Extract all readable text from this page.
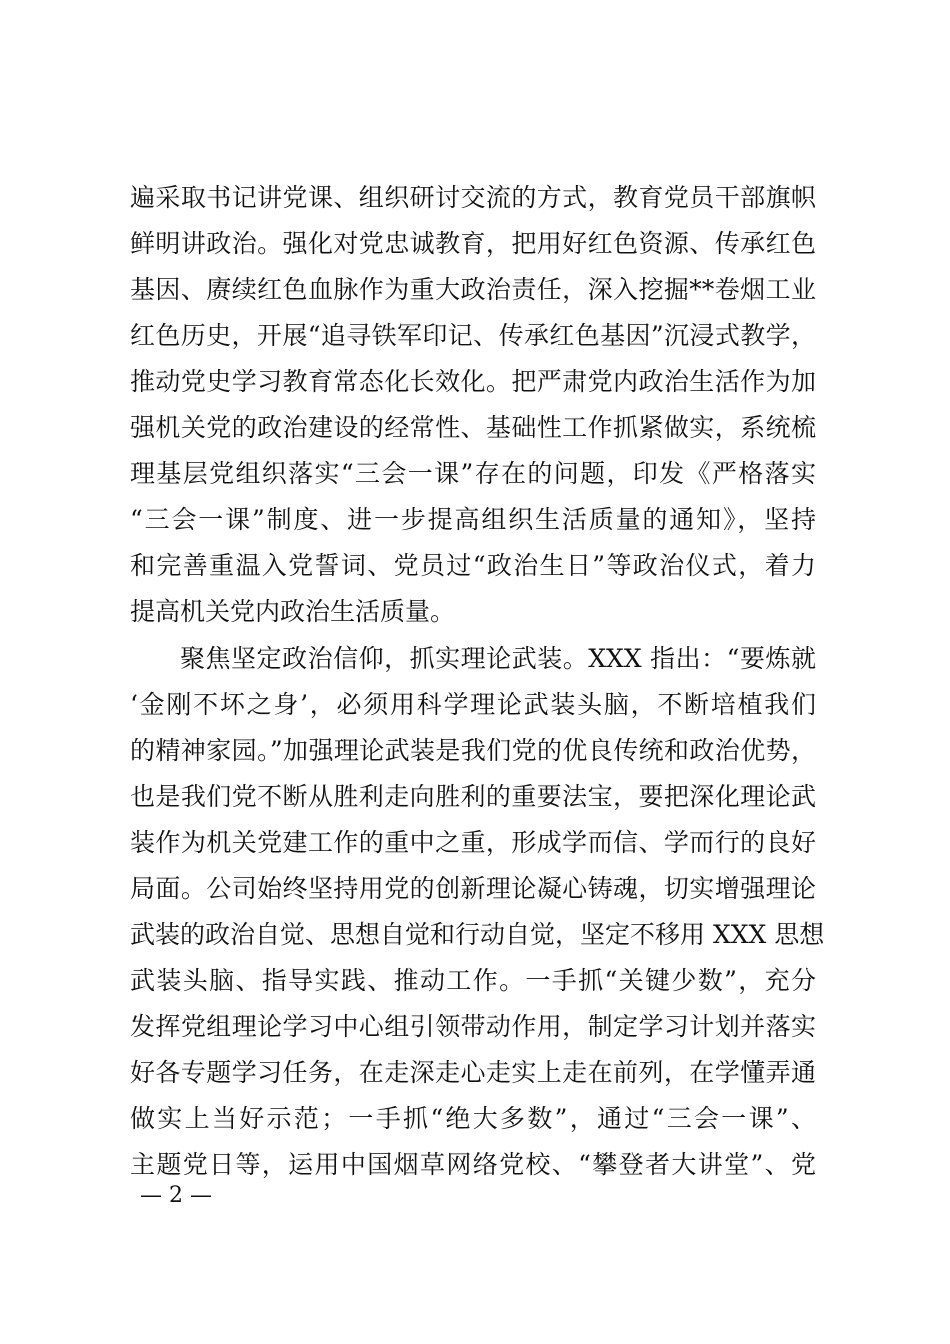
遍采取书记讲党课、组织研讨交流的方式，教育党员干部旗帜
鲜明讲政治。强化对党忠诚教育，把用好红色资源、传承红色
基因、赓续红色血脉作为重大政治责任，深入挖掘**卷烟工业
红色历史，开展“追寻铁军印记、传承红色基因”沉浸式教学，
推动党史学习教育常态化长效化。把严肃党内政治生活作为加
强机关党的政治建设的经常性、基础性工作抓紧做实，系统梳
理基层党组织落实“三会一课”存在的问题，印发《严格落实
“三会一课”制度、进一步提高组织生活质量的通知》，坚持
和完善重温入党誓词、党员过“政治生日”等政治仪式，着力
提高机关党内政治生活质量。
聚焦坚定政治信仰，抓实理论武装。XXX 指出：“要炼就
‘金刚不坏之身’，必须用科学理论武装头脑，不断培植我们
的精神家园。”加强理论武装是我们党的优良传统和政治优势，
也是我们党不断从胜利走向胜利的重要法宝，要把深化理论武
装作为机关党建工作的重中之重，形成学而信、学而行的良好
局面。公司始终坚持用党的创新理论凝心铸魂，切实增强理论
武装的政治自觉、思想自觉和行动自觉，坚定不移用 XXX 思想
武装头脑、指导实践、推动工作。一手抓“关键少数”，充分
发挥党组理论学习中心组引领带动作用，制定学习计划并落实
好各专题学习任务，在走深走心走实上走在前列，在学懂弄通
做实上当好示范；一手抓“绝大多数”，通过“三会一课”、
主题党日等，运用中国烟草网络党校、“攀登者大讲堂”、党
— 2 —
